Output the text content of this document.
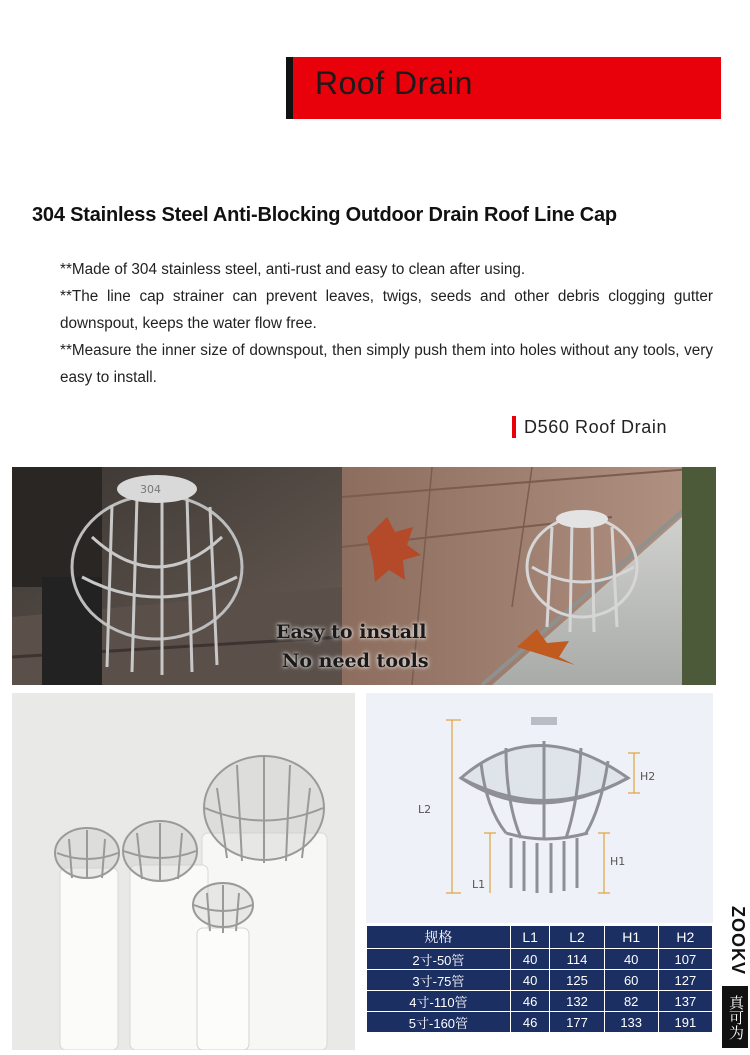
Roof Drain
304 Stainless Steel Anti-Blocking Outdoor Drain Roof Line Cap

**Made of 304 stainless steel, anti-rust and easy to clean after using.

**The line cap strainer can prevent leaves, twigs, seeds and other debris clogging gutter downspout, keeps the water flow free.

**Measure the inner size of downspout, then simply push them into holes without any tools, very easy to install.

D560 Roof Drain
304
Easy to install
No need tools
L2
L1
H2
H1
规格	L1	L2	H1	H2
2寸-50管	40	114	40	107
3寸-75管	40	125	60	127
4寸-110管	46	132	82	137
5寸-160管	46	177	133	191
ZOOKV
真可为
